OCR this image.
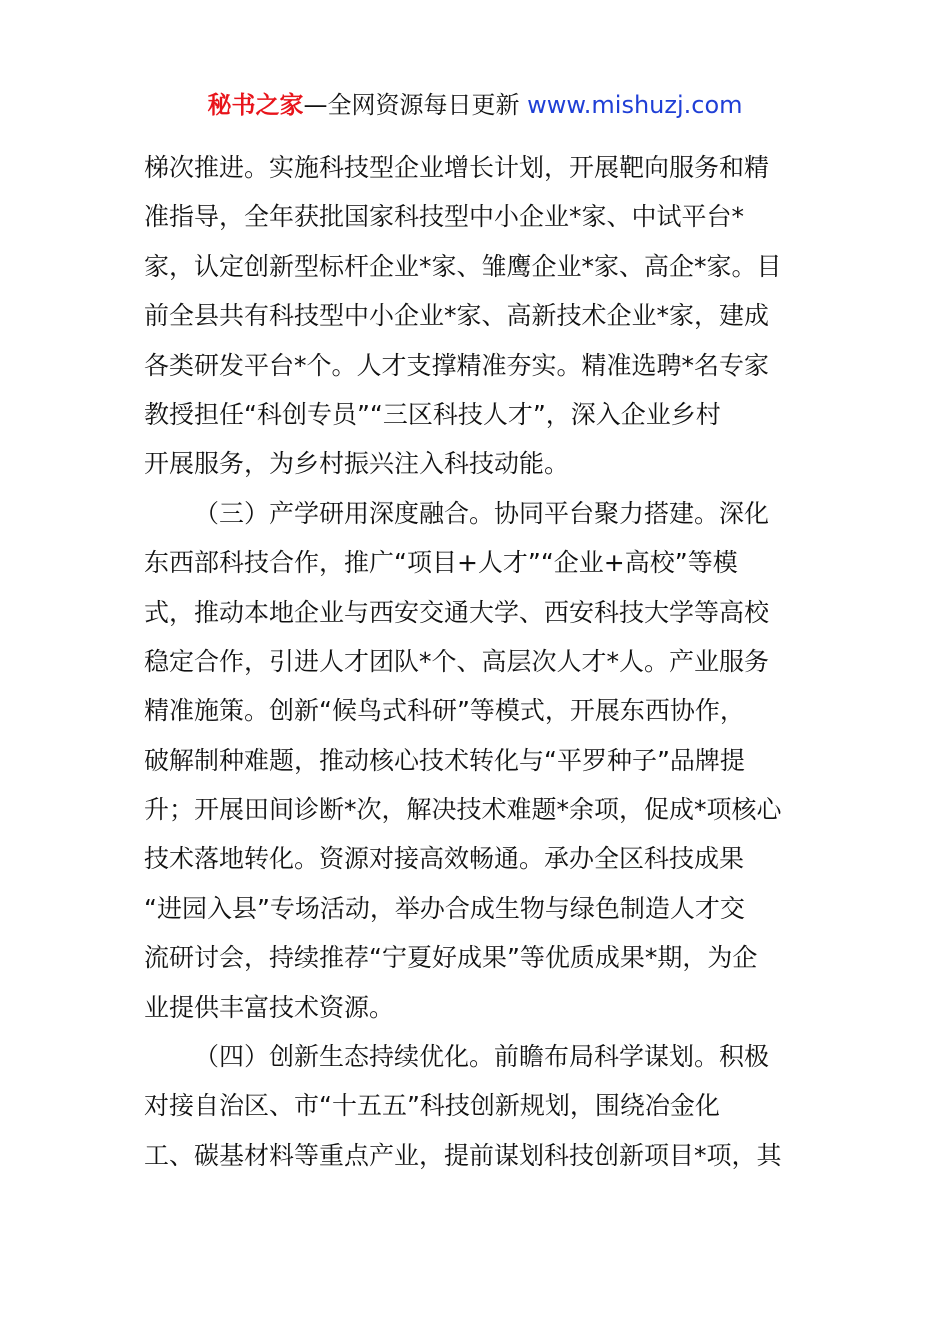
秘书之家—全网资源每日更新 www.mishuzj.com
梯次推进。实施科技型企业增长计划，开展靶向服务和精
准指导，全年获批国家科技型中小企业*家、中试平台*
家，认定创新型标杆企业*家、雏鹰企业*家、高企*家。目
前全县共有科技型中小企业*家、高新技术企业*家，建成
各类研发平台*个。人才支撑精准夯实。精准选聘*名专家
教授担任“科创专员”“三区科技人才”，深入企业乡村
开展服务，为乡村振兴注入科技动能。
（三）产学研用深度融合。协同平台聚力搭建。深化
东西部科技合作，推广“项目+人才”“企业+高校”等模
式，推动本地企业与西安交通大学、西安科技大学等高校
稳定合作，引进人才团队*个、高层次人才*人。产业服务
精准施策。创新“候鸟式科研”等模式，开展东西协作，
破解制种难题，推动核心技术转化与“平罗种子”品牌提
升；开展田间诊断*次，解决技术难题*余项，促成*项核心
技术落地转化。资源对接高效畅通。承办全区科技成果
“进园入县”专场活动，举办合成生物与绿色制造人才交
流研讨会，持续推荐“宁夏好成果”等优质成果*期，为企
业提供丰富技术资源。
（四）创新生态持续优化。前瞻布局科学谋划。积极
对接自治区、市“十五五”科技创新规划，围绕冶金化
工、碳基材料等重点产业，提前谋划科技创新项目*项，其
